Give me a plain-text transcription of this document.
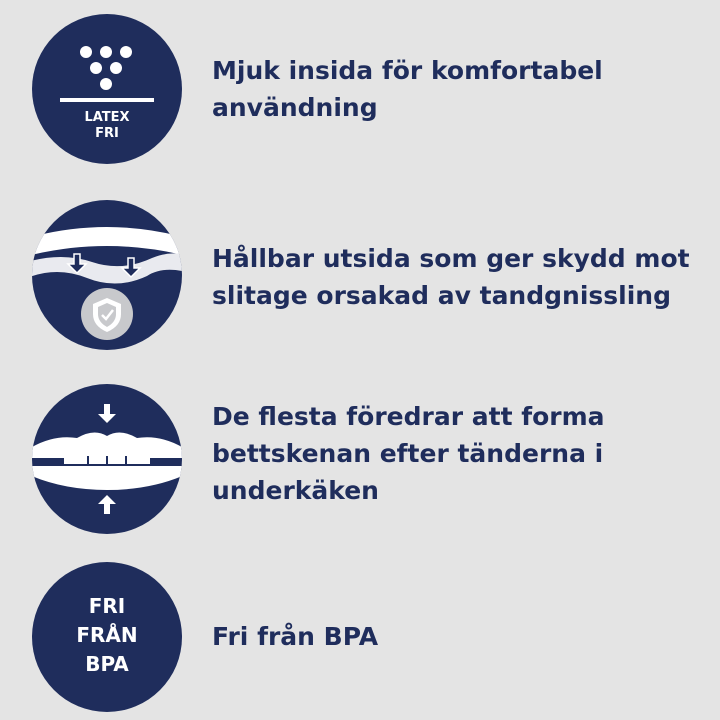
LATEX
FRI
Mjuk insida för komfortabel
användning
Hållbar utsida som ger skydd mot
slitage orsakad av tandgnissling
De flesta föredrar att forma
bettskenan efter tänderna i
underkäken
FRI
FRÅN
BPA
Fri från BPA
